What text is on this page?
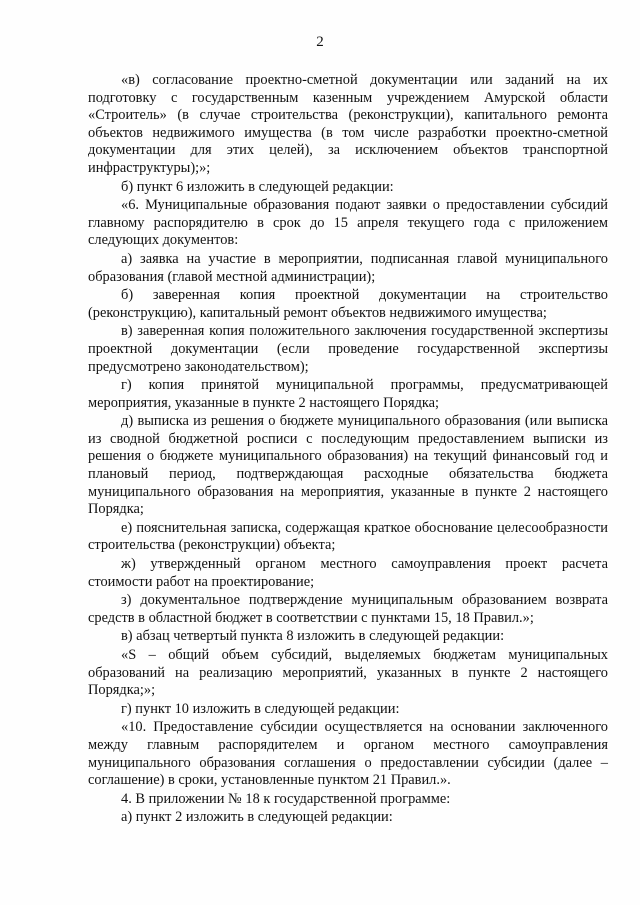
2

«в) согласование проектно-сметной документации или заданий на их подготовку с государственным казенным учреждением Амурской области «Строитель» (в случае строительства (реконструкции), капитального ремонта объектов недвижимого имущества (в том числе разработки проектно-сметной документации для этих целей), за исключением объектов транспортной инфраструктуры);»;

б) пункт 6 изложить в следующей редакции:

«6. Муниципальные образования подают заявки о предоставлении субсидий главному распорядителю в срок до 15 апреля текущего года с приложением следующих документов:

а) заявка на участие в мероприятии, подписанная главой муниципального образования (главой местной администрации);

б) заверенная копия проектной документации на строительство (реконструкцию), капитальный ремонт объектов недвижимого имущества;

в) заверенная копия положительного заключения государственной экспертизы проектной документации (если проведение государственной экспертизы предусмотрено законодательством);

г) копия принятой муниципальной программы, предусматривающей мероприятия, указанные в пункте 2 настоящего Порядка;

д) выписка из решения о бюджете муниципального образования (или выписка из сводной бюджетной росписи с последующим предоставлением выписки из решения о бюджете муниципального образования) на текущий финансовый год и плановый период, подтверждающая расходные обязательства бюджета муниципального образования на мероприятия, указанные в пункте 2 настоящего Порядка;

е) пояснительная записка, содержащая краткое обоснование целесообразности строительства (реконструкции) объекта;

ж) утвержденный органом местного самоуправления проект расчета стоимости работ на проектирование;

з) документальное подтверждение муниципальным образованием возврата средств в областной бюджет в соответствии с пунктами 15, 18 Правил.»;

в) абзац четвертый пункта 8 изложить в следующей редакции:

«S – общий объем субсидий, выделяемых бюджетам муниципальных образований на реализацию мероприятий, указанных в пункте 2 настоящего Порядка;»;

г) пункт 10 изложить в следующей редакции:

«10. Предоставление субсидии осуществляется на основании заключенного между главным распорядителем и органом местного самоуправления муниципального образования соглашения о предоставлении субсидии (далее – соглашение) в сроки, установленные пунктом 21 Правил.».

4. В приложении № 18 к государственной программе:

а) пункт 2 изложить в следующей редакции:
